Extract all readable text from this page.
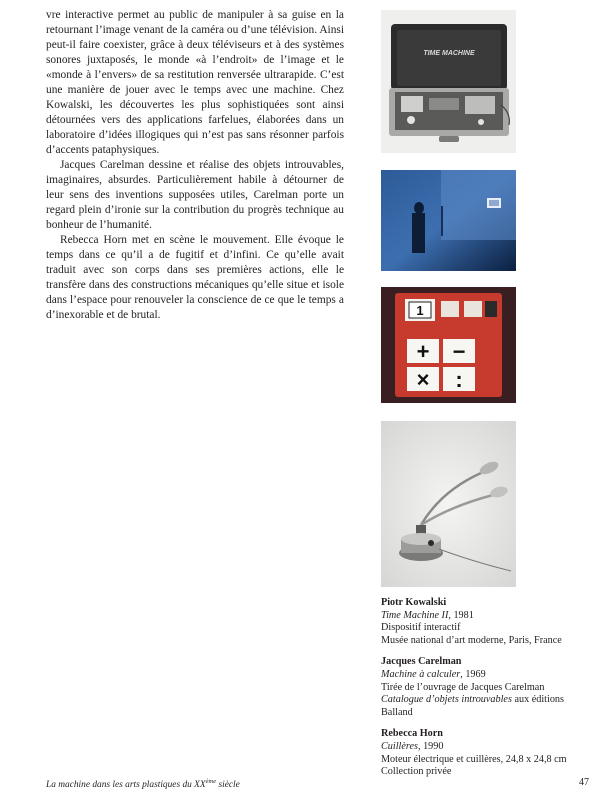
vre interactive permet au public de manipuler à sa guise en la retournant l’image venant de la caméra ou d’une télévision. Ainsi peut-il faire coexister, grâce à deux téléviseurs et à des systèmes sonores juxtaposés, le monde «à l’endroit» de l’image et le «monde à l’envers» de sa restitution renversée ultrarapide. C’est une manière de jouer avec le temps avec une machine. Chez Kowalski, les découvertes les plus sophistiquées sont ainsi détournées vers des applications farfelues, élaborées dans un laboratoire d’idées illogiques qui n’est pas sans résonner parfois d’accents pataphysiques.

Jacques Carelman dessine et réalise des objets introuvables, imaginaires, absurdes. Particulièrement habile à détourner de leur sens des inventions supposées utiles, Carelman porte un regard plein d’ironie sur la contribution du progrès technique au bonheur de l’humanité.

Rebecca Horn met en scène le mouvement. Elle évoque le temps dans ce qu’il a de fugitif et d’infini. Ce qu’elle avait traduit avec son corps dans ses premières actions, elle le transfère dans des constructions mécaniques qu’elle situe et isole dans l’espace pour renouveler la conscience de ce que le temps a d’inexorable et de brutal.

TIME MACHINE
1
+ −
× :
Piotr Kowalski
Time Machine II, 1981
Dispositif interactif
Musée national d’art moderne, Paris, France
Jacques Carelman
Machine à calculer, 1969
Tirée de l’ouvrage de Jacques Carelman
Catalogue d’objets introuvables aux éditions Balland
Rebecca Horn
Cuillères, 1990
Moteur électrique et cuillères, 24,8 x 24,8 cm
Collection privée
La machine dans les arts plastiques du XXème siècle	47
